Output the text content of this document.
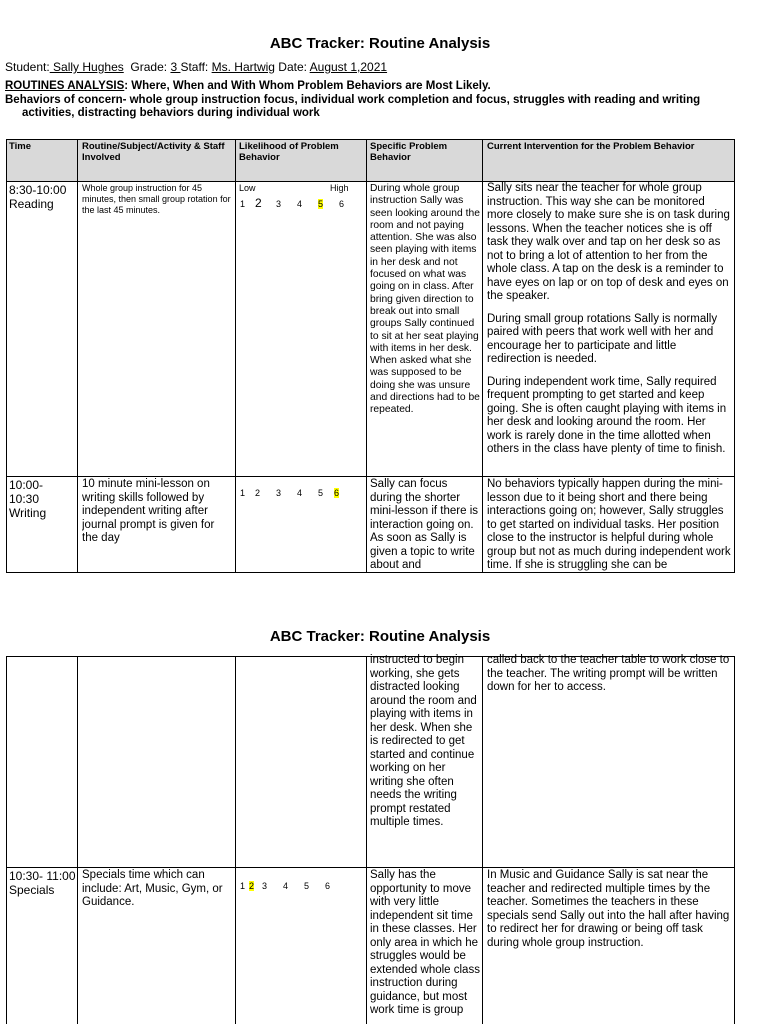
ABC Tracker: Routine Analysis
Student: Sally Hughes Grade: 3 Staff: Ms. Hartwig Date: August 1,2021
ROUTINES ANALYSIS: Where, When and With Whom Problem Behaviors are Most Likely.
Behaviors of concern- whole group instruction focus, individual work completion and focus, struggles with reading and writing
activities, distracting behaviors during individual work
Time	Routine/Subject/Activity & Staff Involved
Likelihood of Problem Behavior
Specific Problem Behavior
Current Intervention for the Problem Behavior
8:30-10:00 Reading
Whole group instruction for 45 minutes, then small group rotation for the last 45 minutes.
Low	High
1 2 3 4 5 6
During whole group instruction Sally was seen looking around the room and not paying attention. She was also seen playing with items in her desk and not focused on what was going on in class. After bring given direction to break out into small groups Sally continued to sit at her seat playing with items in her desk. When asked what she was supposed to be doing she was unsure and directions had to be repeated.

Sally sits near the teacher for whole group instruction. This way she can be monitored more closely to make sure she is on task during lessons. When the teacher notices she is off task they walk over and tap on her desk so as not to bring a lot of attention to her from the whole class. A tap on the desk is a reminder to have eyes on lap or on top of desk and eyes on the speaker.

During small group rotations Sally is normally paired with peers that work well with her and encourage her to participate and little redirection is needed.

During independent work time, Sally required frequent prompting to get started and keep going. She is often caught playing with items in her desk and looking around the room. Her work is rarely done in the time allotted when others in the class have plenty of time to finish.

10:00- 10:30 Writing
10 minute mini-lesson on writing skills followed by independent writing after journal prompt is given for the day
1 2 3 4 5 6
Sally can focus during the shorter mini-lesson if there is interaction going on. As soon as Sally is given a topic to write about and
No behaviors typically happen during the mini-lesson due to it being short and there being interactions going on; however, Sally struggles to get started on individual tasks. Her position close to the instructor is helpful during whole group but not as much during independent work time. If she is struggling she can be
ABC Tracker: Routine Analysis
instructed to begin working, she gets distracted looking around the room and playing with items in her desk. When she is redirected to get started and continue working on her writing she often needs the writing prompt restated multiple times.
called back to the teacher table to work close to the teacher. The writing prompt will be written down for her to access.
10:30- 11:00 Specials
Specials time which can include: Art, Music, Gym, or Guidance.
1 2 3 4 5 6
Sally has the opportunity to move with very little independent sit time in these classes. Her only area in which he struggles would be extended whole class instruction during guidance, but most work time is group
In Music and Guidance Sally is sat near the teacher and redirected multiple times by the teacher. Sometimes the teachers in these specials send Sally out into the hall after having to redirect her for drawing or being off task during whole group instruction.
